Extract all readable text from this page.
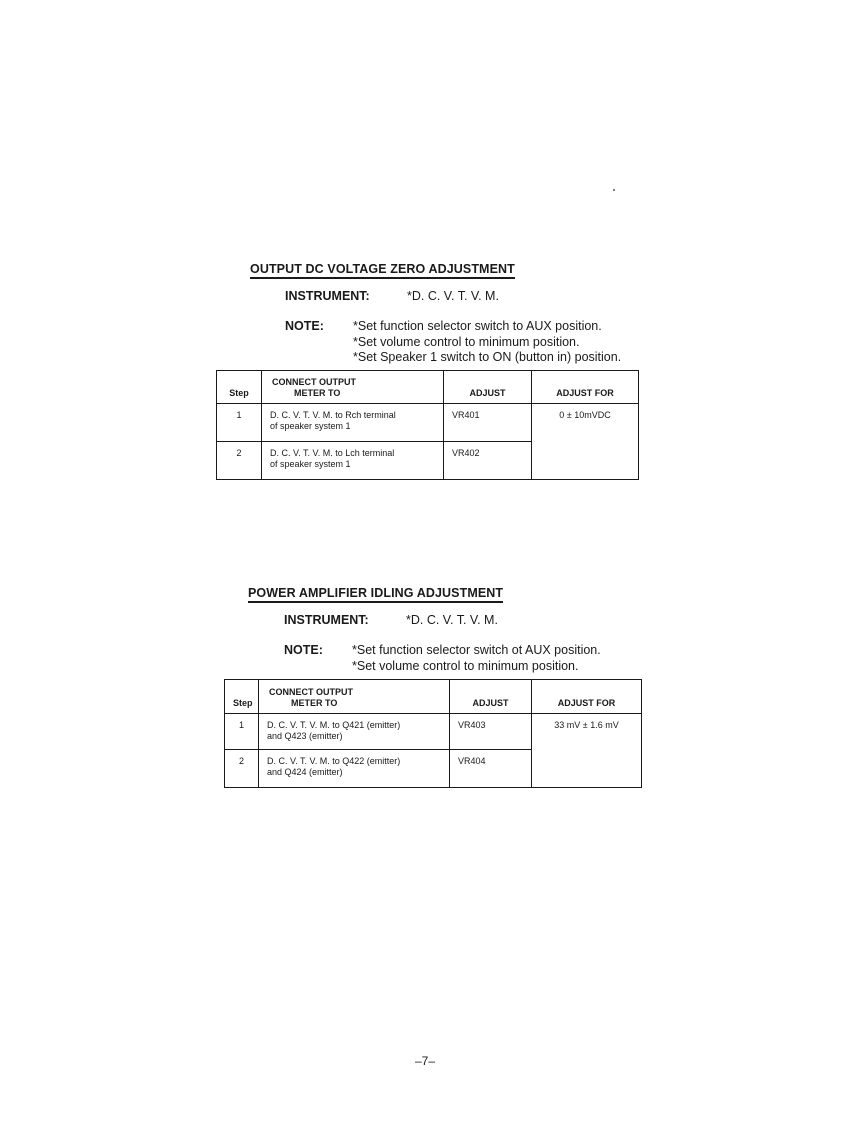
OUTPUT DC VOLTAGE ZERO ADJUSTMENT
INSTRUMENT:	*D. C. V. T. V. M.
NOTE: *Set function selector switch to AUX position.
*Set volume control to minimum position.
*Set Speaker 1 switch to ON (button in) position.
Step	CONNECT OUTPUT
METER TO	ADJUST	ADJUST FOR
1	D. C. V. T. V. M. to Rch terminal
of speaker system 1	VR401	0 ± 10mVDC
2	D. C. V. T. V. M. to Lch terminal
of speaker system 1	VR402	
POWER AMPLIFIER IDLING ADJUSTMENT
INSTRUMENT:	*D. C. V. T. V. M.
NOTE: *Set function selector switch ot AUX position.
*Set volume control to minimum position.
Step	CONNECT OUTPUT
METER TO	ADJUST	ADJUST FOR
1	D. C. V. T. V. M. to Q421 (emitter)
and Q423 (emitter)	VR403	33 mV ± 1.6 mV
2	D. C. V. T. V. M. to Q422 (emitter)
and Q424 (emitter)	VR404	
–7–
